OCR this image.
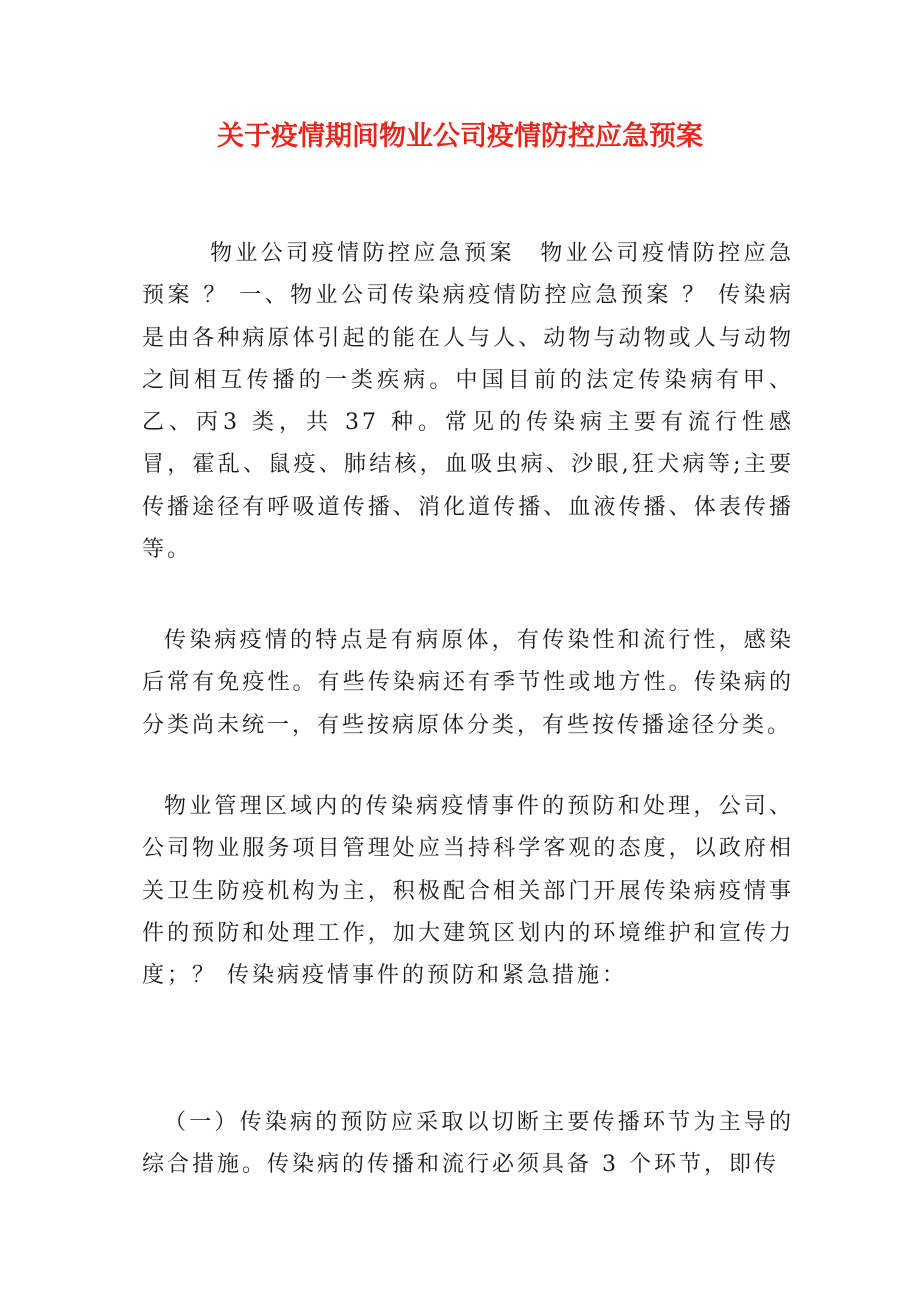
关于疫情期间物业公司疫情防控应急预案

物业公司疫情防控应急预案　物业公司疫情防控应急预案 ？ 一、物业公司传染病疫情防控应急预案 ？ 传染病是由各种病原体引起的能在人与人、动物与动物或人与动物之间相互传播的一类疾病。中国目前的法定传染病有甲、乙、丙3 类，共 37 种。常见的传染病主要有流行性感冒，霍乱、鼠疫、肺结核，血吸虫病、沙眼,狂犬病等;主要传播途径有呼吸道传播、消化道传播、血液传播、体表传播等。

传染病疫情的特点是有病原体，有传染性和流行性，感染后常有免疫性。有些传染病还有季节性或地方性。传染病的分类尚未统一，有些按病原体分类，有些按传播途径分类。

物业管理区域内的传染病疫情事件的预防和处理，公司、公司物业服务项目管理处应当持科学客观的态度，以政府相关卫生防疫机构为主，积极配合相关部门开展传染病疫情事件的预防和处理工作，加大建筑区划内的环境维护和宣传力度；？ 传染病疫情事件的预防和紧急措施：

（一）传染病的预防应采取以切断主要传播环节为主导的综合措施。传染病的传播和流行必须具备 3 个环节，即传
